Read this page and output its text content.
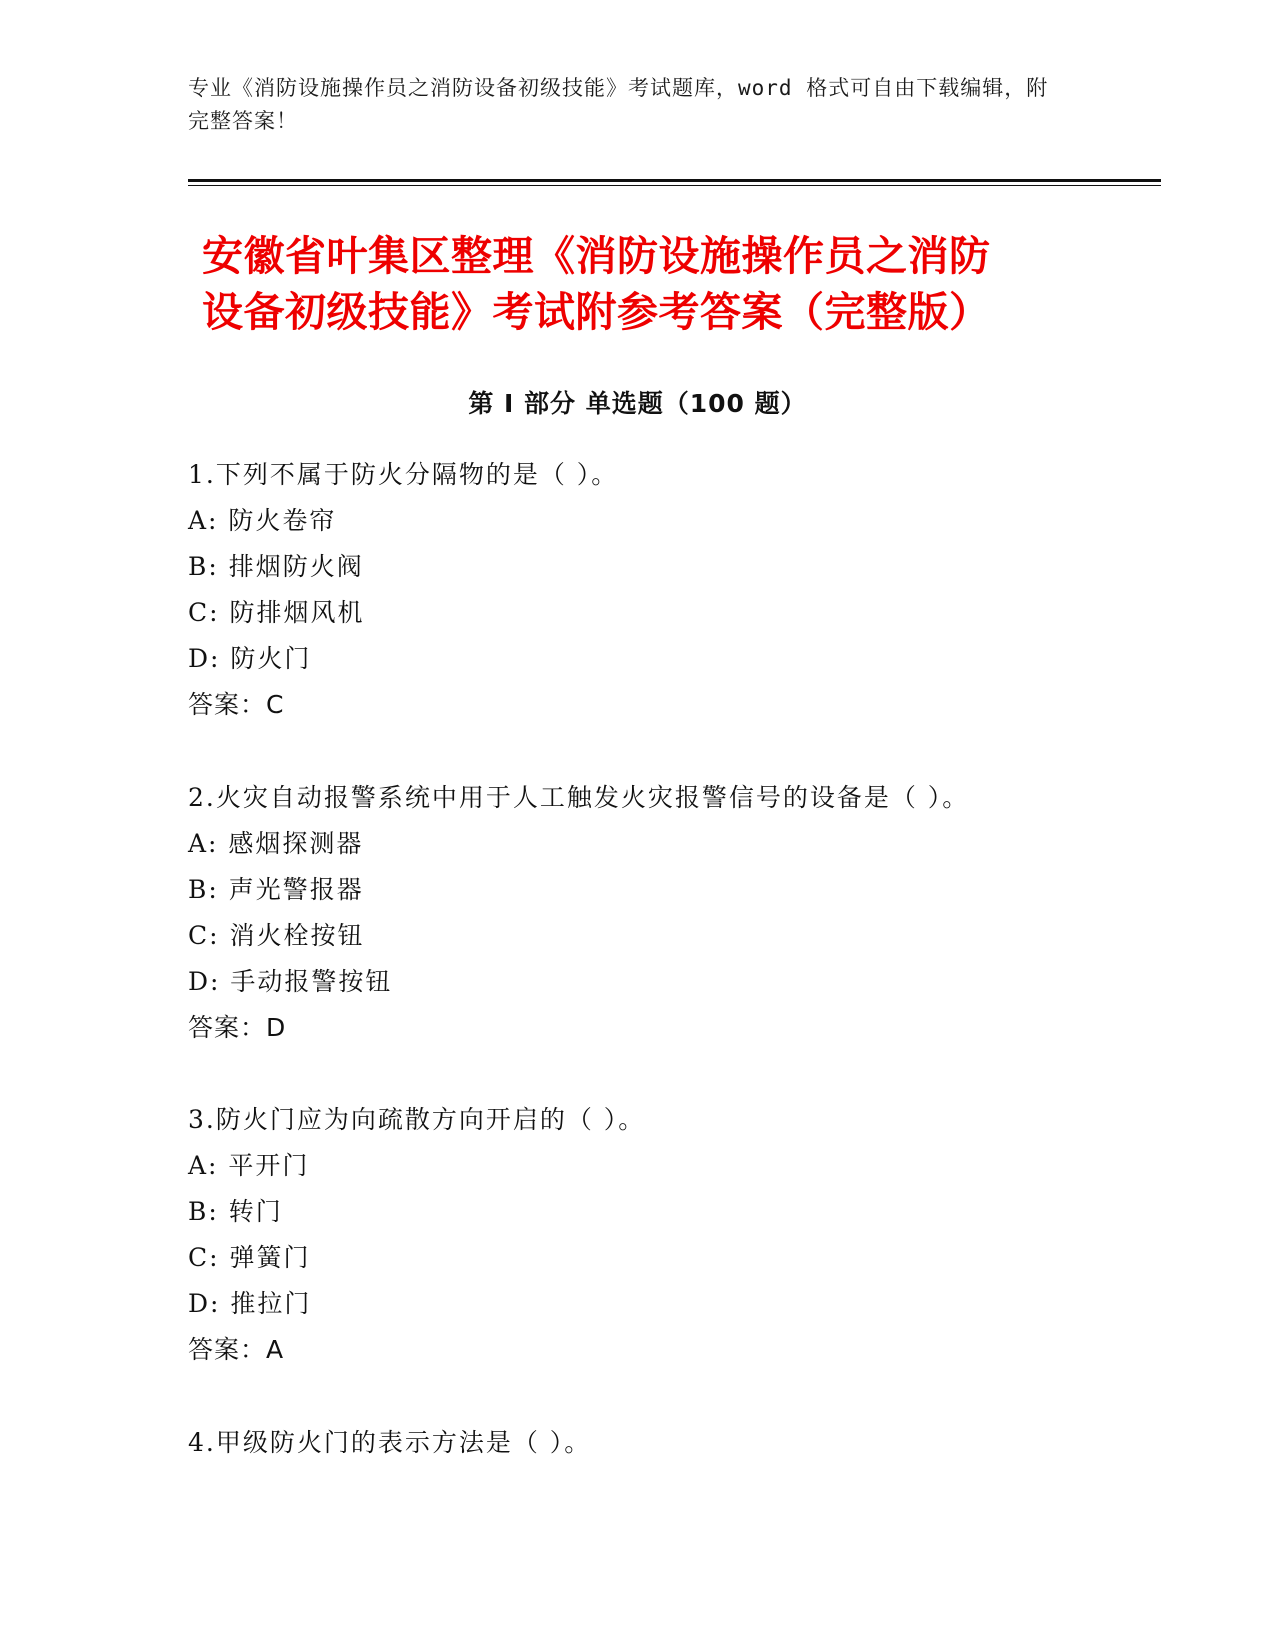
专业《消防设施操作员之消防设备初级技能》考试题库，word 格式可自由下载编辑，附完整答案！
安徽省叶集区整理《消防设施操作员之消防
设备初级技能》考试附参考答案（完整版）
第 I 部分 单选题（100 题）
1.下列不属于防火分隔物的是（ ）。
A: 防火卷帘
B: 排烟防火阀
C: 防排烟风机
D: 防火门
答案：C
2.火灾自动报警系统中用于人工触发火灾报警信号的设备是（ ）。
A: 感烟探测器
B: 声光警报器
C: 消火栓按钮
D: 手动报警按钮
答案：D
3.防火门应为向疏散方向开启的（ ）。
A: 平开门
B: 转门
C: 弹簧门
D: 推拉门
答案：A
4.甲级防火门的表示方法是（ ）。
